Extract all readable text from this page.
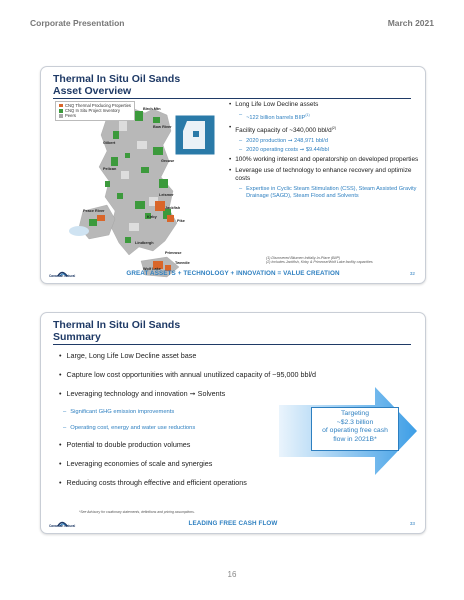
Corporate Presentation	March 2021
Thermal In Situ Oil Sands
Asset Overview
CNQ Thermal Producing Properties
CNQ In Situ Project Inventory
Peers
Birch Mtn
Bow River
Gilbert
Grouse
Pelican
Leismer
Jackfish
Kirby
Pike
Peace River
Lindbergh
Primrose
Wolf Lake
Tweedie
• Long Life Low Decline assets
– ~122 billion barrels BIIP$^{(1)}$
• Facility capacity of ~340,000 bbl/$d^{(2)}$
– 2020 production ➞ 248,971 bbl/d
– 2020 operating costs ➞ $9.44/bbl
• 100% working interest and operatorship on developed properties
• Leverage use of technology to enhance recovery and optimize costs
– Expertise in Cyclic Steam Stimulation (CSS), Steam Assisted Gravity Drainage (SAGD), Steam Flood and Solvents
(1) Discovered Bitumen Initially-In-Place (BIIP)
(2) Includes Jackfish, Kirby & Primrose/Wolf Lake facility capacities
Canadian Natural	GREAT ASSETS + TECHNOLOGY + INNOVATION = VALUE CREATION	32
Thermal In Situ Oil Sands
Summary
Targeting
~$2.3 billion
of operating free cash
flow in 2021B*
• Large, Long Life Low Decline asset base
• Capture low cost opportunities with annual unutilized capacity of ~95,000 bbl/d
• Leveraging technology and innovation ➞ Solvents
– Significant GHG emission improvements
– Operating cost, energy and water use reductions
• Potential to double production volumes
• Leveraging economies of scale and synergies
• Reducing costs through effective and efficient operations
*See Advisory for cautionary statements, definitions and pricing assumptions.
Canadian Natural	LEADING FREE CASH FLOW	33
16
